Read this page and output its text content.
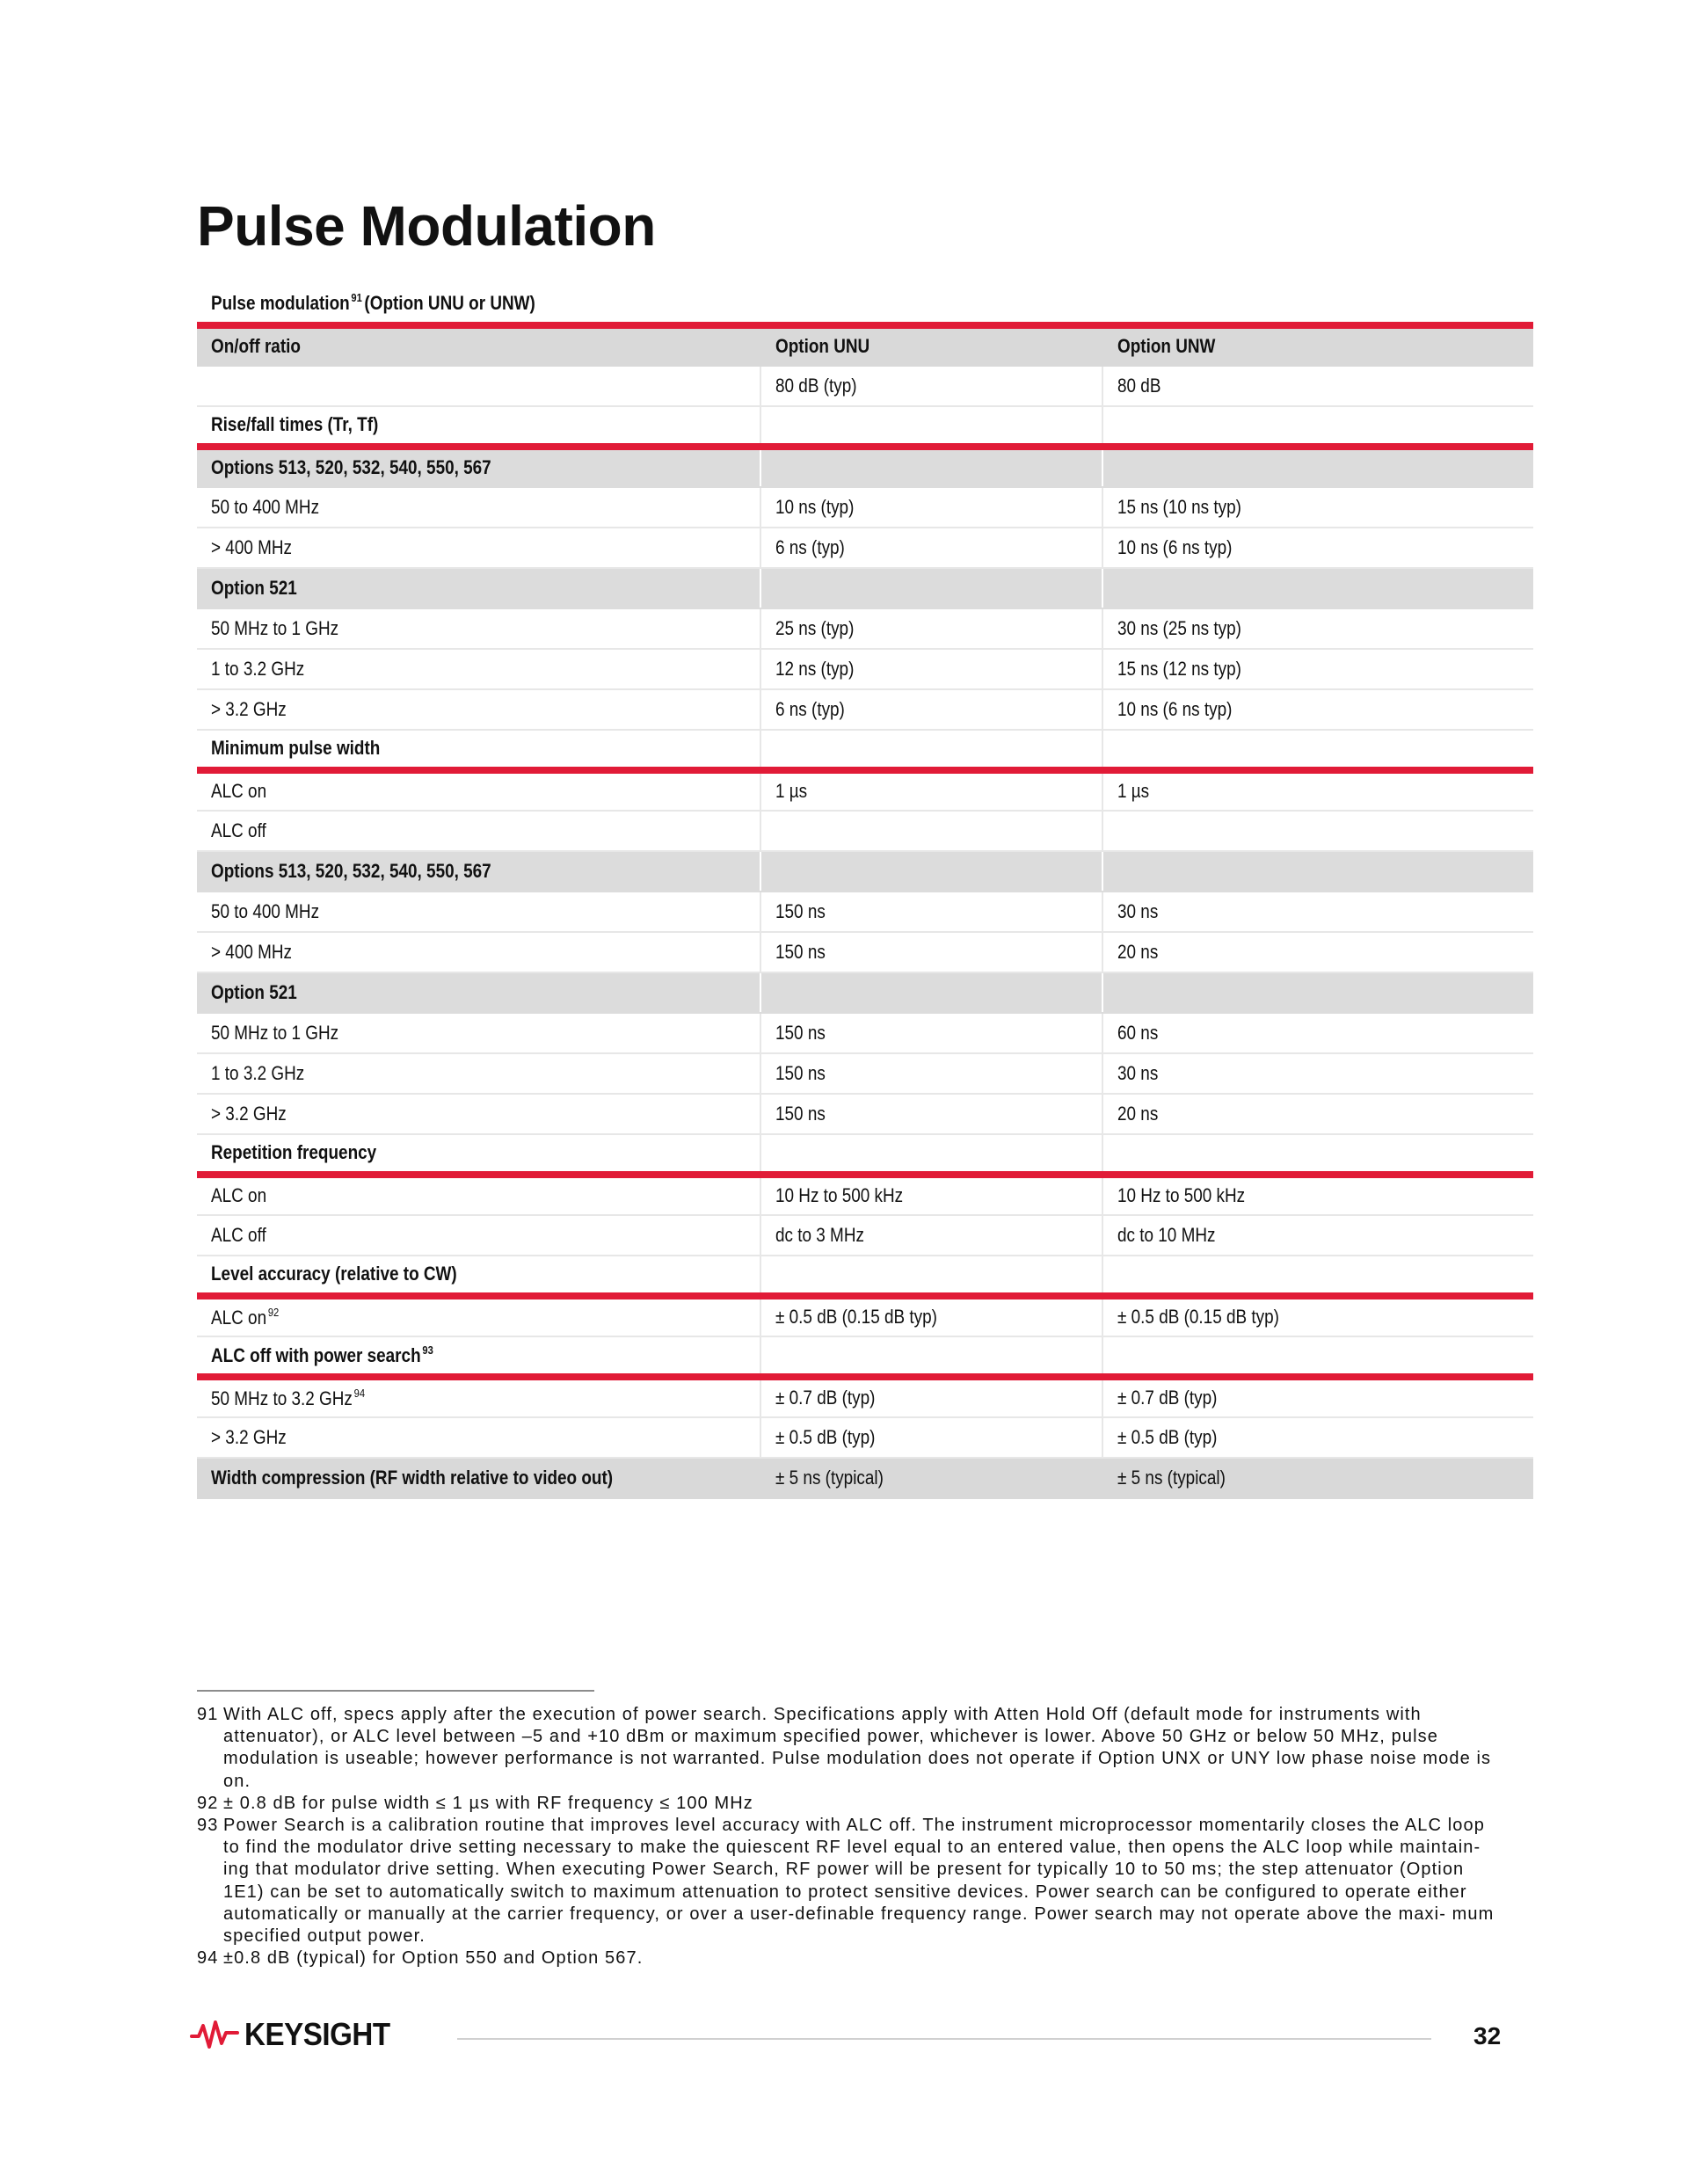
Pulse Modulation
Pulse modulation $^{91}$ (Option UNU or UNW)
On/off ratio	Option UNU	Option UNW
	80 dB (typ)	80 dB
Rise/fall times (Tr, Tf)		
Options 513, 520, 532, 540, 550, 567		
50 to 400 MHz	10 ns (typ)	15 ns (10 ns typ)
> 400 MHz	6 ns (typ)	10 ns (6 ns typ)
Option 521		
50 MHz to 1 GHz	25 ns (typ)	30 ns (25 ns typ)
1 to 3.2 GHz	12 ns (typ)	15 ns (12 ns typ)
> 3.2 GHz	6 ns (typ)	10 ns (6 ns typ)
Minimum pulse width		
ALC on	1 µs	1 µs
ALC off		
Options 513, 520, 532, 540, 550, 567		
50 to 400 MHz	150 ns	30 ns
> 400 MHz	150 ns	20 ns
Option 521		
50 MHz to 1 GHz	150 ns	60 ns
1 to 3.2 GHz	150 ns	30 ns
> 3.2 GHz	150 ns	20 ns
Repetition frequency		
ALC on	10 Hz to 500 kHz	10 Hz to 500 kHz
ALC off	dc to 3 MHz	dc to 10 MHz
Level accuracy (relative to CW)		
ALC on $^{92}$	± 0.5 dB (0.15 dB typ)	± 0.5 dB (0.15 dB typ)
ALC off with power search $^{93}$		
50 MHz to 3.2 GHz $^{94}$	± 0.7 dB (typ)	± 0.7 dB (typ)
> 3.2 GHz	± 0.5 dB (typ)	± 0.5 dB (typ)
Width compression (RF width relative to video out)	± 5 ns (typical)	± 5 ns (typical)

91 With ALC off, specs apply after the execution of power search. Specifications apply with Atten Hold Off (default mode for instruments with attenuator), or ALC level between –5 and +10 dBm or maximum specified power, whichever is lower. Above 50 GHz or below 50 MHz, pulse modulation is useable; however performance is not warranted. Pulse modulation does not operate if Option UNX or UNY low phase noise mode is on.

92 ± 0.8 dB for pulse width ≤ 1 µs with RF frequency ≤ 100 MHz

93 Power Search is a calibration routine that improves level accuracy with ALC off. The instrument microprocessor momentarily closes the ALC loop to find the modulator drive setting necessary to make the quiescent RF level equal to an entered value, then opens the ALC loop while maintain- ing that modulator drive setting. When executing Power Search, RF power will be present for typically 10 to 50 ms; the step attenuator (Option 1E1) can be set to automatically switch to maximum attenuation to protect sensitive devices. Power search can be configured to operate either automatically or manually at the carrier frequency, or over a user-definable frequency range. Power search may not operate above the maxi- mum specified output power.

94 ±0.8 dB (typical) for Option 550 and Option 567.

KEYSIGHT	32
